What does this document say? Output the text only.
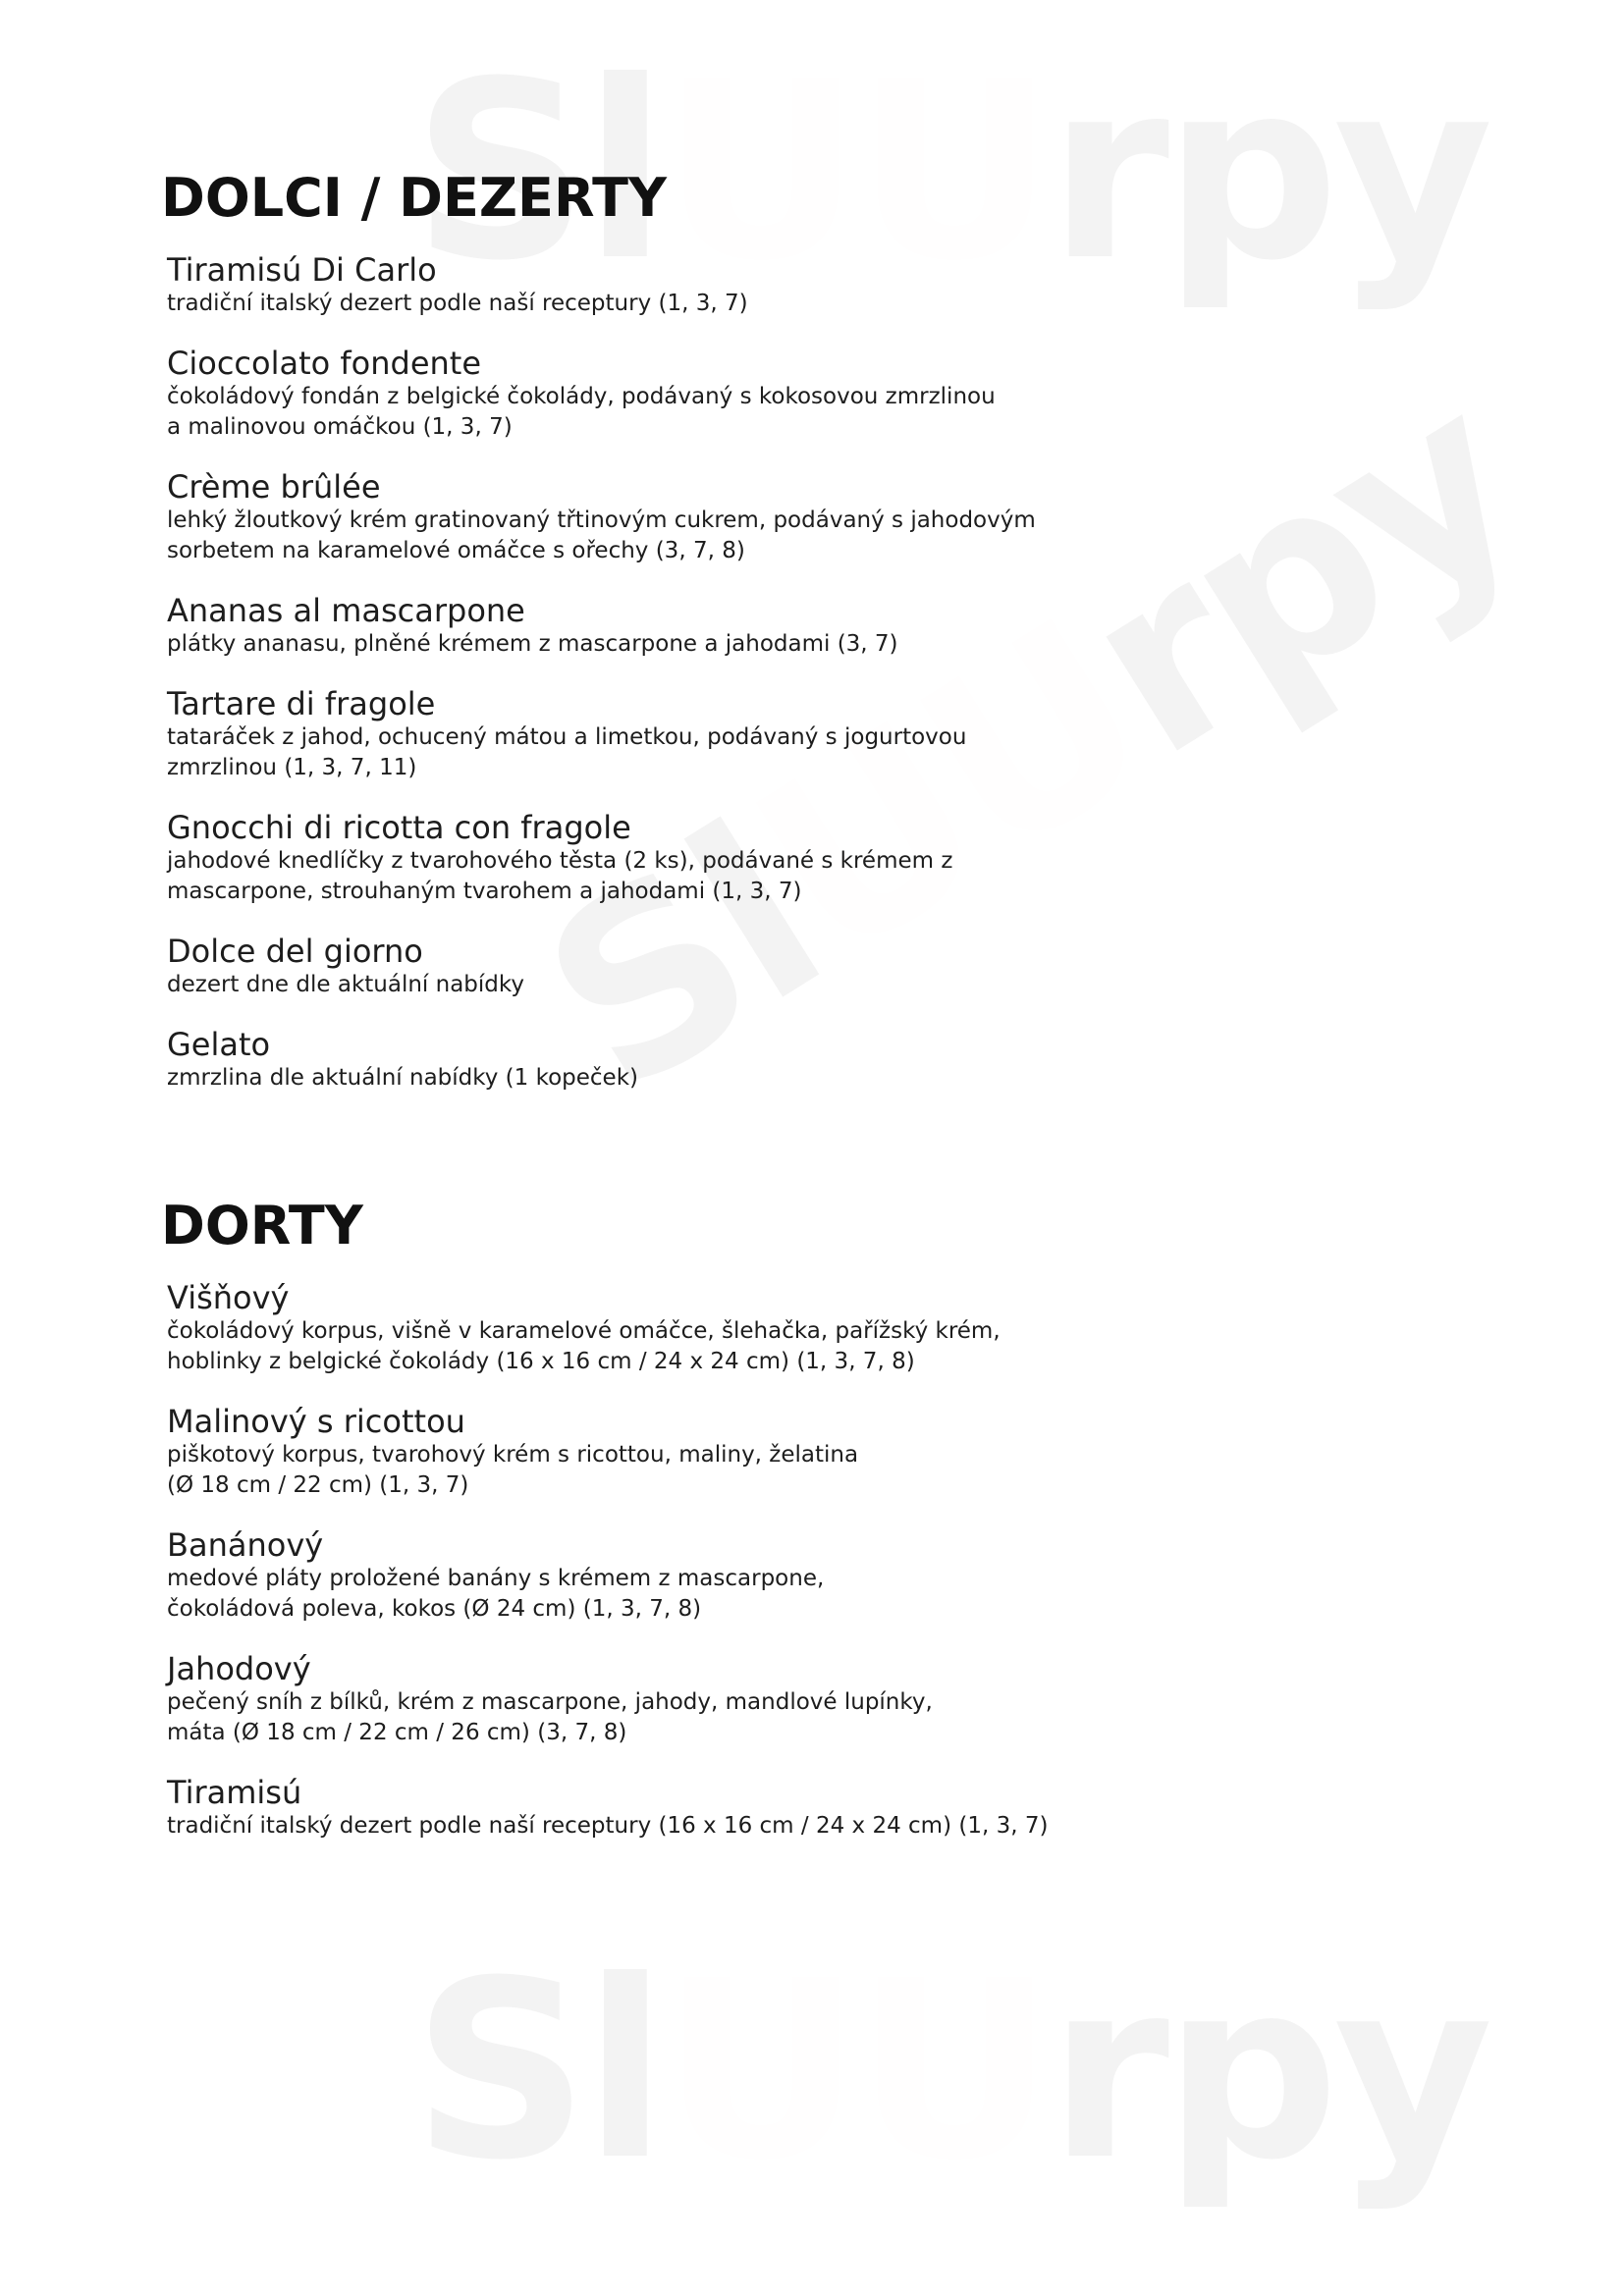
DOLCI / DEZERTY

Tiramisú Di Carlo

tradiční italský dezert podle naší receptury (1, 3, 7)

Cioccolato fondente

čokoládový fondán z belgické čokolády, podávaný s kokosovou zmrzlinou
a malinovou omáčkou (1, 3, 7)

Crème brûlée

lehký žloutkový krém gratinovaný třtinovým cukrem, podávaný s jahodovým
sorbetem na karamelové omáčce s ořechy (3, 7, 8)

Ananas al mascarpone

plátky ananasu, plněné krémem z mascarpone a jahodami (3, 7)

Tartare di fragole

tataráček z jahod, ochucený mátou a limetkou, podávaný s jogurtovou
zmrzlinou (1, 3, 7, 11)

Gnocchi di ricotta con fragole

jahodové knedlíčky z tvarohového těsta (2 ks), podávané s krémem z
mascarpone, strouhaným tvarohem a jahodami (1, 3, 7)

Dolce del giorno

dezert dne dle aktuální nabídky

Gelato

zmrzlina dle aktuální nabídky (1 kopeček)

DORTY

Višňový

čokoládový korpus, višně v karamelové omáčce, šlehačka, pařížský krém,
hoblinky z belgické čokolády (16 x 16 cm / 24 x 24 cm) (1, 3, 7, 8)

Malinový s ricottou

piškotový korpus, tvarohový krém s ricottou, maliny, želatina
(Ø 18 cm / 22 cm) (1, 3, 7)

Banánový

medové pláty proložené banány s krémem z mascarpone,
čokoládová poleva, kokos (Ø 24 cm) (1, 3, 7, 8)

Jahodový

pečený sníh z bílků, krém z mascarpone, jahody, mandlové lupínky,
máta (Ø 18 cm / 22 cm / 26 cm) (3, 7, 8)

Tiramisú

tradiční italský dezert podle naší receptury (16 x 16 cm / 24 x 24 cm) (1, 3, 7)
